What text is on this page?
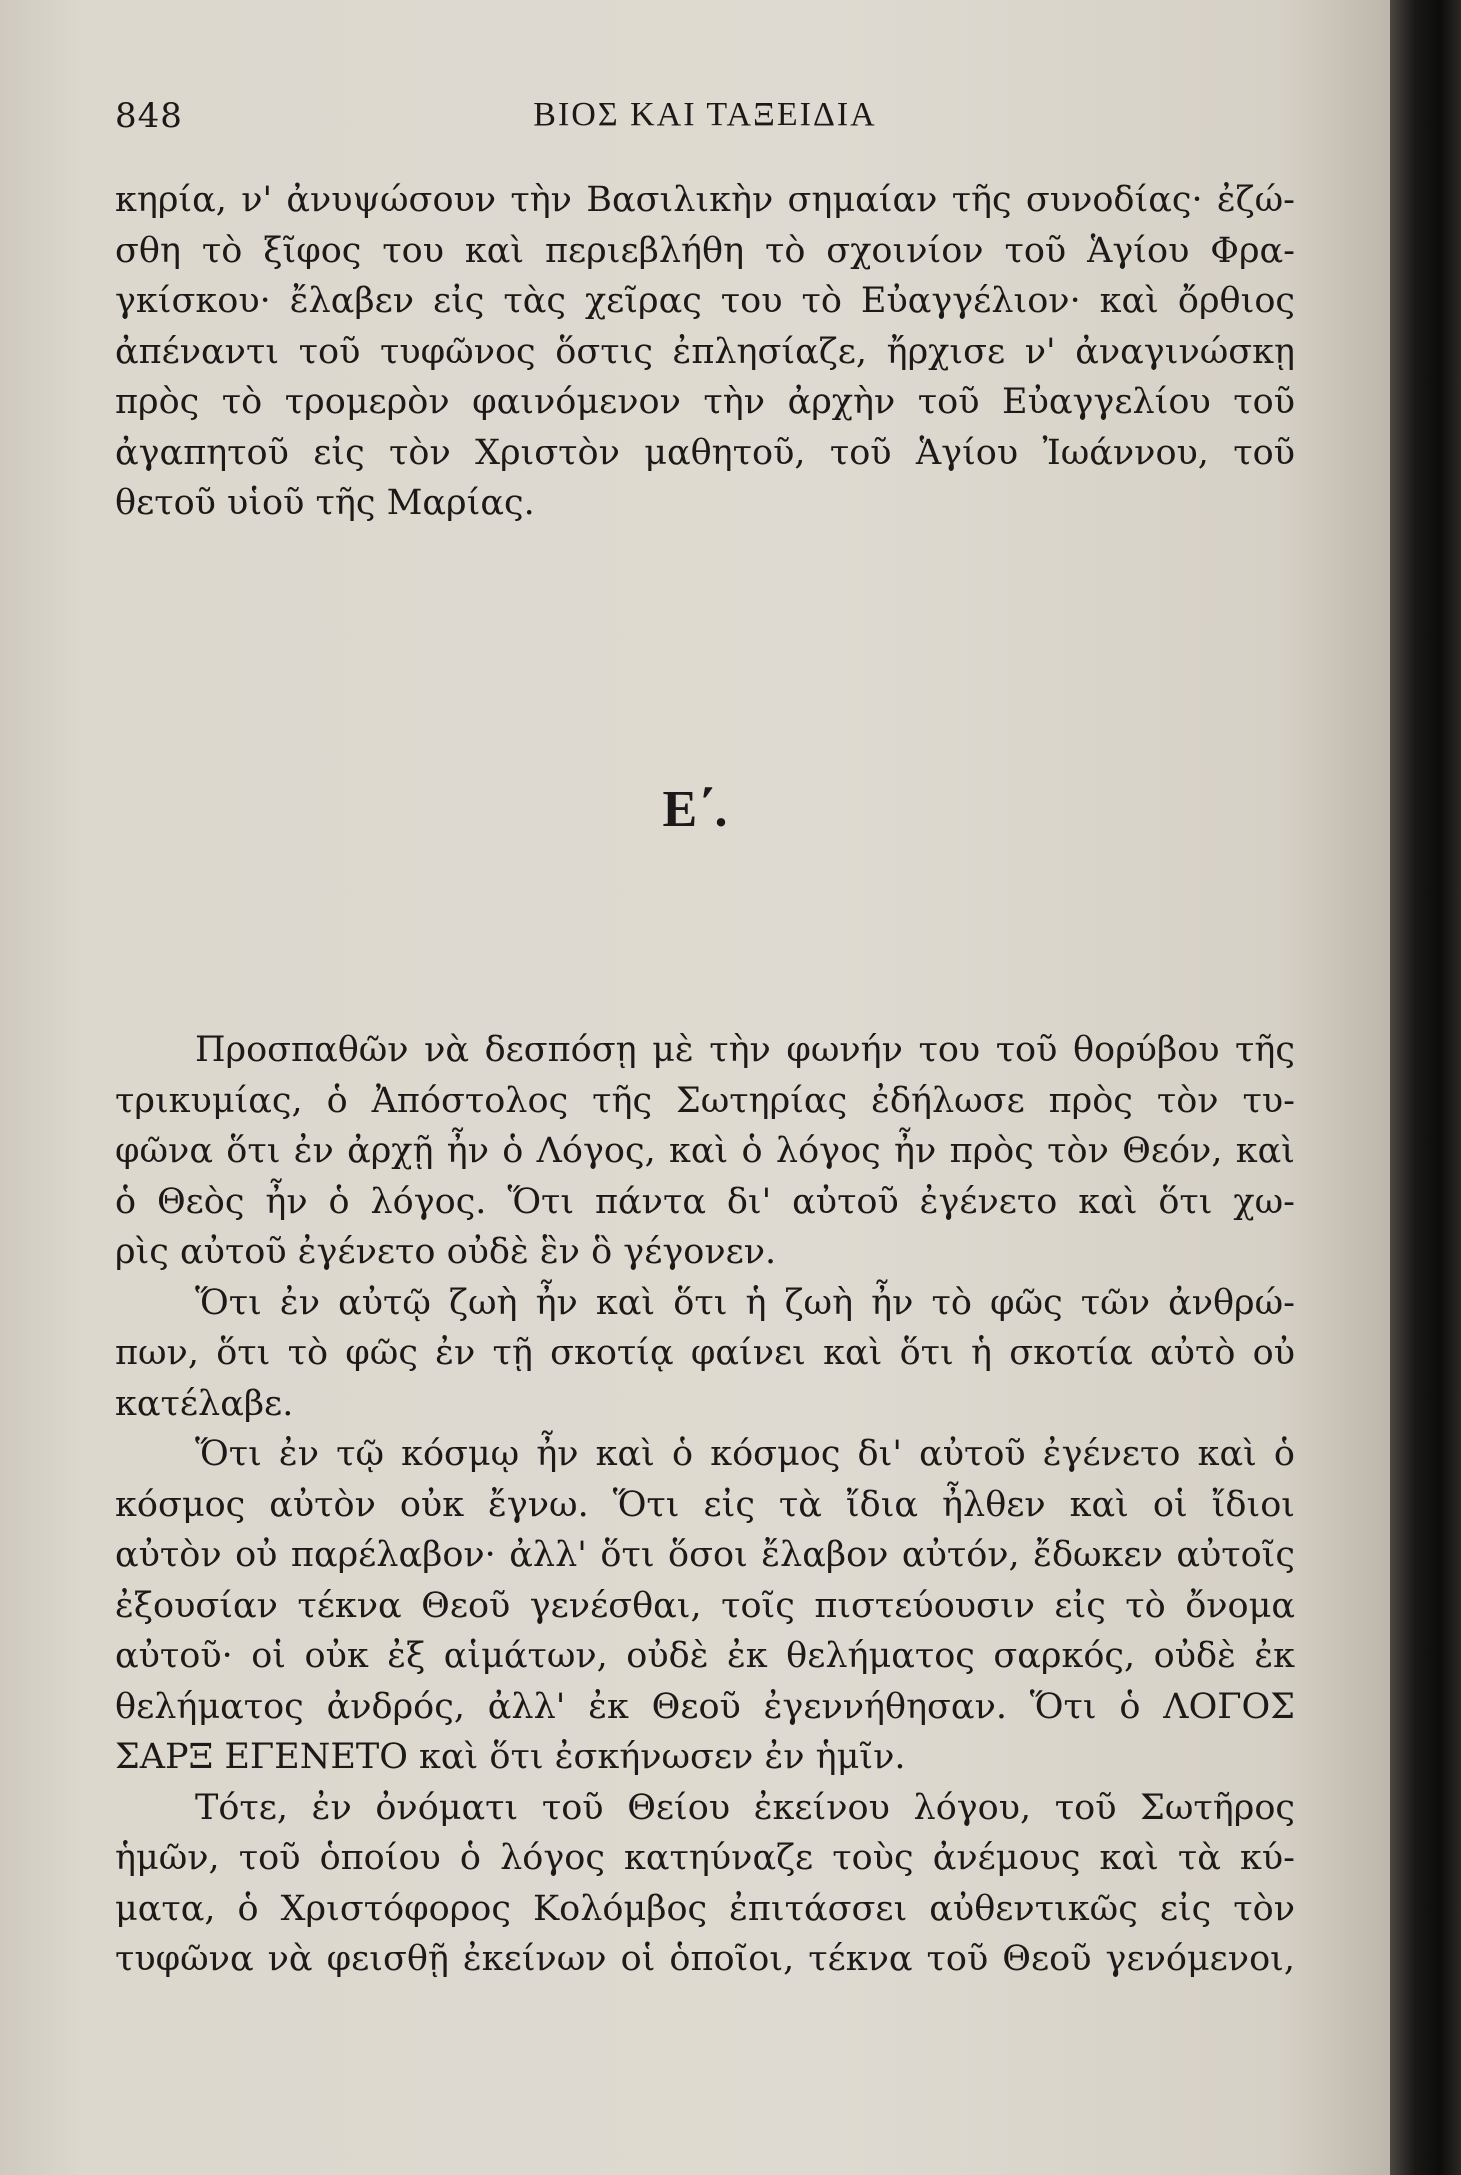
848	ΒΙΟΣ ΚΑΙ ΤΑΞΕΙΔΙΑ
κηρία, ν' ἀνυψώσουν τὴν Βασιλικὴν σημαίαν τῆς συνοδίας· ἐζώ-
σθη τὸ ξῖφος του καὶ περιεβλήθη τὸ σχοινίον τοῦ Ἁγίου Φρα-
γκίσκου· ἔλαβεν εἰς τὰς χεῖρας του τὸ Εὐαγγέλιον· καὶ ὄρθιος
ἀπέναντι τοῦ τυφῶνος ὅστις ἐπλησίαζε, ἤρχισε ν' ἀναγινώσκῃ
πρὸς τὸ τρομερὸν φαινόμενον τὴν ἀρχὴν τοῦ Εὐαγγελίου τοῦ
ἀγαπητοῦ εἰς τὸν Χριστὸν μαθητοῦ, τοῦ Ἁγίου Ἰωάννου, τοῦ
θετοῦ υἱοῦ τῆς Μαρίας.
Ε΄.
Προσπαθῶν νὰ δεσπόσῃ μὲ τὴν φωνήν του τοῦ θορύβου τῆς
τρικυμίας, ὁ Ἀπόστολος τῆς Σωτηρίας ἐδήλωσε πρὸς τὸν τυ-
φῶνα ὅτι ἐν ἀρχῇ ἦν ὁ Λόγος, καὶ ὁ λόγος ἦν πρὸς τὸν Θεόν, καὶ
ὁ Θεὸς ἦν ὁ λόγος. Ὅτι πάντα δι' αὐτοῦ ἐγένετο καὶ ὅτι χω-
ρὶς αὐτοῦ ἐγένετο οὐδὲ ἓν ὃ γέγονεν.
Ὅτι ἐν αὐτῷ ζωὴ ἦν καὶ ὅτι ἡ ζωὴ ἦν τὸ φῶς τῶν ἀνθρώ-
πων, ὅτι τὸ φῶς ἐν τῇ σκοτίᾳ φαίνει καὶ ὅτι ἡ σκοτία αὐτὸ οὐ
κατέλαβε.
Ὅτι ἐν τῷ κόσμῳ ἦν καὶ ὁ κόσμος δι' αὐτοῦ ἐγένετο καὶ ὁ
κόσμος αὐτὸν οὐκ ἔγνω. Ὅτι εἰς τὰ ἴδια ἦλθεν καὶ οἱ ἴδιοι
αὐτὸν οὐ παρέλαβον· ἀλλ' ὅτι ὅσοι ἔλαβον αὐτόν, ἔδωκεν αὐτοῖς
ἐξουσίαν τέκνα Θεοῦ γενέσθαι, τοῖς πιστεύουσιν εἰς τὸ ὄνομα
αὐτοῦ· οἱ οὐκ ἐξ αἱμάτων, οὐδὲ ἐκ θελήματος σαρκός, οὐδὲ ἐκ
θελήματος ἀνδρός, ἀλλ' ἐκ Θεοῦ ἐγεννήθησαν. Ὅτι ὁ ΛΟΓΟΣ
ΣΑΡΞ ΕΓΕΝΕΤΟ καὶ ὅτι ἐσκήνωσεν ἐν ἡμῖν.
Τότε, ἐν ὀνόματι τοῦ Θείου ἐκείνου λόγου, τοῦ Σωτῆρος
ἡμῶν, τοῦ ὁποίου ὁ λόγος κατηύναζε τοὺς ἀνέμους καὶ τὰ κύ-
ματα, ὁ Χριστόφορος Κολόμβος ἐπιτάσσει αὐθεντικῶς εἰς τὸν
τυφῶνα νὰ φεισθῇ ἐκείνων οἱ ὁποῖοι, τέκνα τοῦ Θεοῦ γενόμενοι,
